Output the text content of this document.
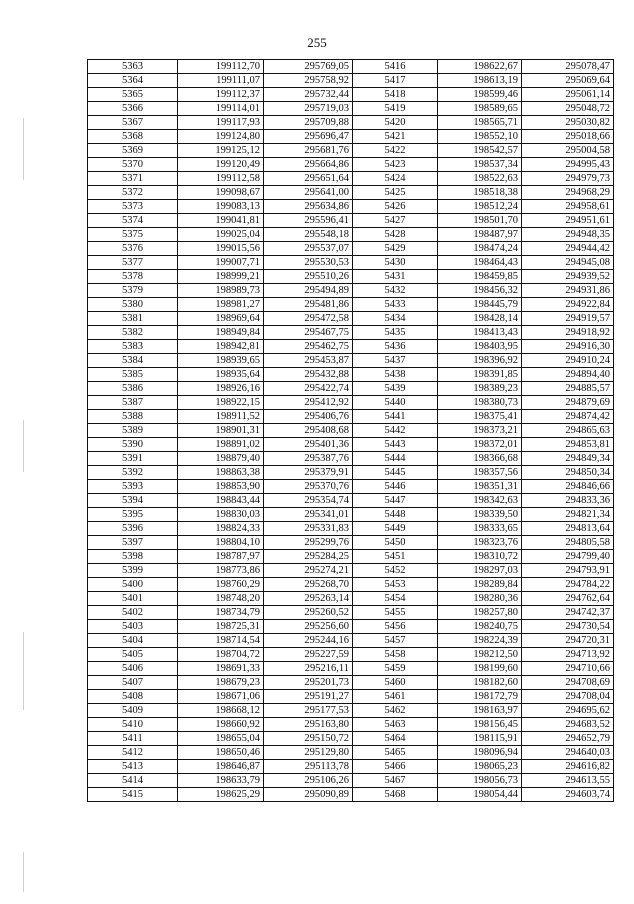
255
5363	199112,70	295769,05	5416	198622,67	295078,47
5364	199111,07	295758,92	5417	198613,19	295069,64
5365	199112,37	295732,44	5418	198599,46	295061,14
5366	199114,01	295719,03	5419	198589,65	295048,72
5367	199117,93	295709,88	5420	198565,71	295030,82
5368	199124,80	295696,47	5421	198552,10	295018,66
5369	199125,12	295681,76	5422	198542,57	295004,58
5370	199120,49	295664,86	5423	198537,34	294995,43
5371	199112,58	295651,64	5424	198522,63	294979,73
5372	199098,67	295641,00	5425	198518,38	294968,29
5373	199083,13	295634,86	5426	198512,24	294958,61
5374	199041,81	295596,41	5427	198501,70	294951,61
5375	199025,04	295548,18	5428	198487,97	294948,35
5376	199015,56	295537,07	5429	198474,24	294944,42
5377	199007,71	295530,53	5430	198464,43	294945,08
5378	198999,21	295510,26	5431	198459,85	294939,52
5379	198989,73	295494,89	5432	198456,32	294931,86
5380	198981,27	295481,86	5433	198445,79	294922,84
5381	198969,64	295472,58	5434	198428,14	294919,57
5382	198949,84	295467,75	5435	198413,43	294918,92
5383	198942,81	295462,75	5436	198403,95	294916,30
5384	198939,65	295453,87	5437	198396,92	294910,24
5385	198935,64	295432,88	5438	198391,85	294894,40
5386	198926,16	295422,74	5439	198389,23	294885,57
5387	198922,15	295412,92	5440	198380,73	294879,69
5388	198911,52	295406,76	5441	198375,41	294874,42
5389	198901,31	295408,68	5442	198373,21	294865,63
5390	198891,02	295401,36	5443	198372,01	294853,81
5391	198879,40	295387,76	5444	198366,68	294849,34
5392	198863,38	295379,91	5445	198357,56	294850,34
5393	198853,90	295370,76	5446	198351,31	294846,66
5394	198843,44	295354,74	5447	198342,63	294833,36
5395	198830,03	295341,01	5448	198339,50	294821,34
5396	198824,33	295331,83	5449	198333,65	294813,64
5397	198804,10	295299,76	5450	198323,76	294805,58
5398	198787,97	295284,25	5451	198310,72	294799,40
5399	198773,86	295274,21	5452	198297,03	294793,91
5400	198760,29	295268,70	5453	198289,84	294784,22
5401	198748,20	295263,14	5454	198280,36	294762,64
5402	198734,79	295260,52	5455	198257,80	294742,37
5403	198725,31	295256,60	5456	198240,75	294730,54
5404	198714,54	295244,16	5457	198224,39	294720,31
5405	198704,72	295227,59	5458	198212,50	294713,92
5406	198691,33	295216,11	5459	198199,60	294710,66
5407	198679,23	295201,73	5460	198182,60	294708,69
5408	198671,06	295191,27	5461	198172,79	294708,04
5409	198668,12	295177,53	5462	198163,97	294695,62
5410	198660,92	295163,80	5463	198156,45	294683,52
5411	198655,04	295150,72	5464	198115,91	294652,79
5412	198650,46	295129,80	5465	198096,94	294640,03
5413	198646,87	295113,78	5466	198065,23	294616,82
5414	198633,79	295106,26	5467	198056,73	294613,55
5415	198625,29	295090,89	5468	198054,44	294603,74
